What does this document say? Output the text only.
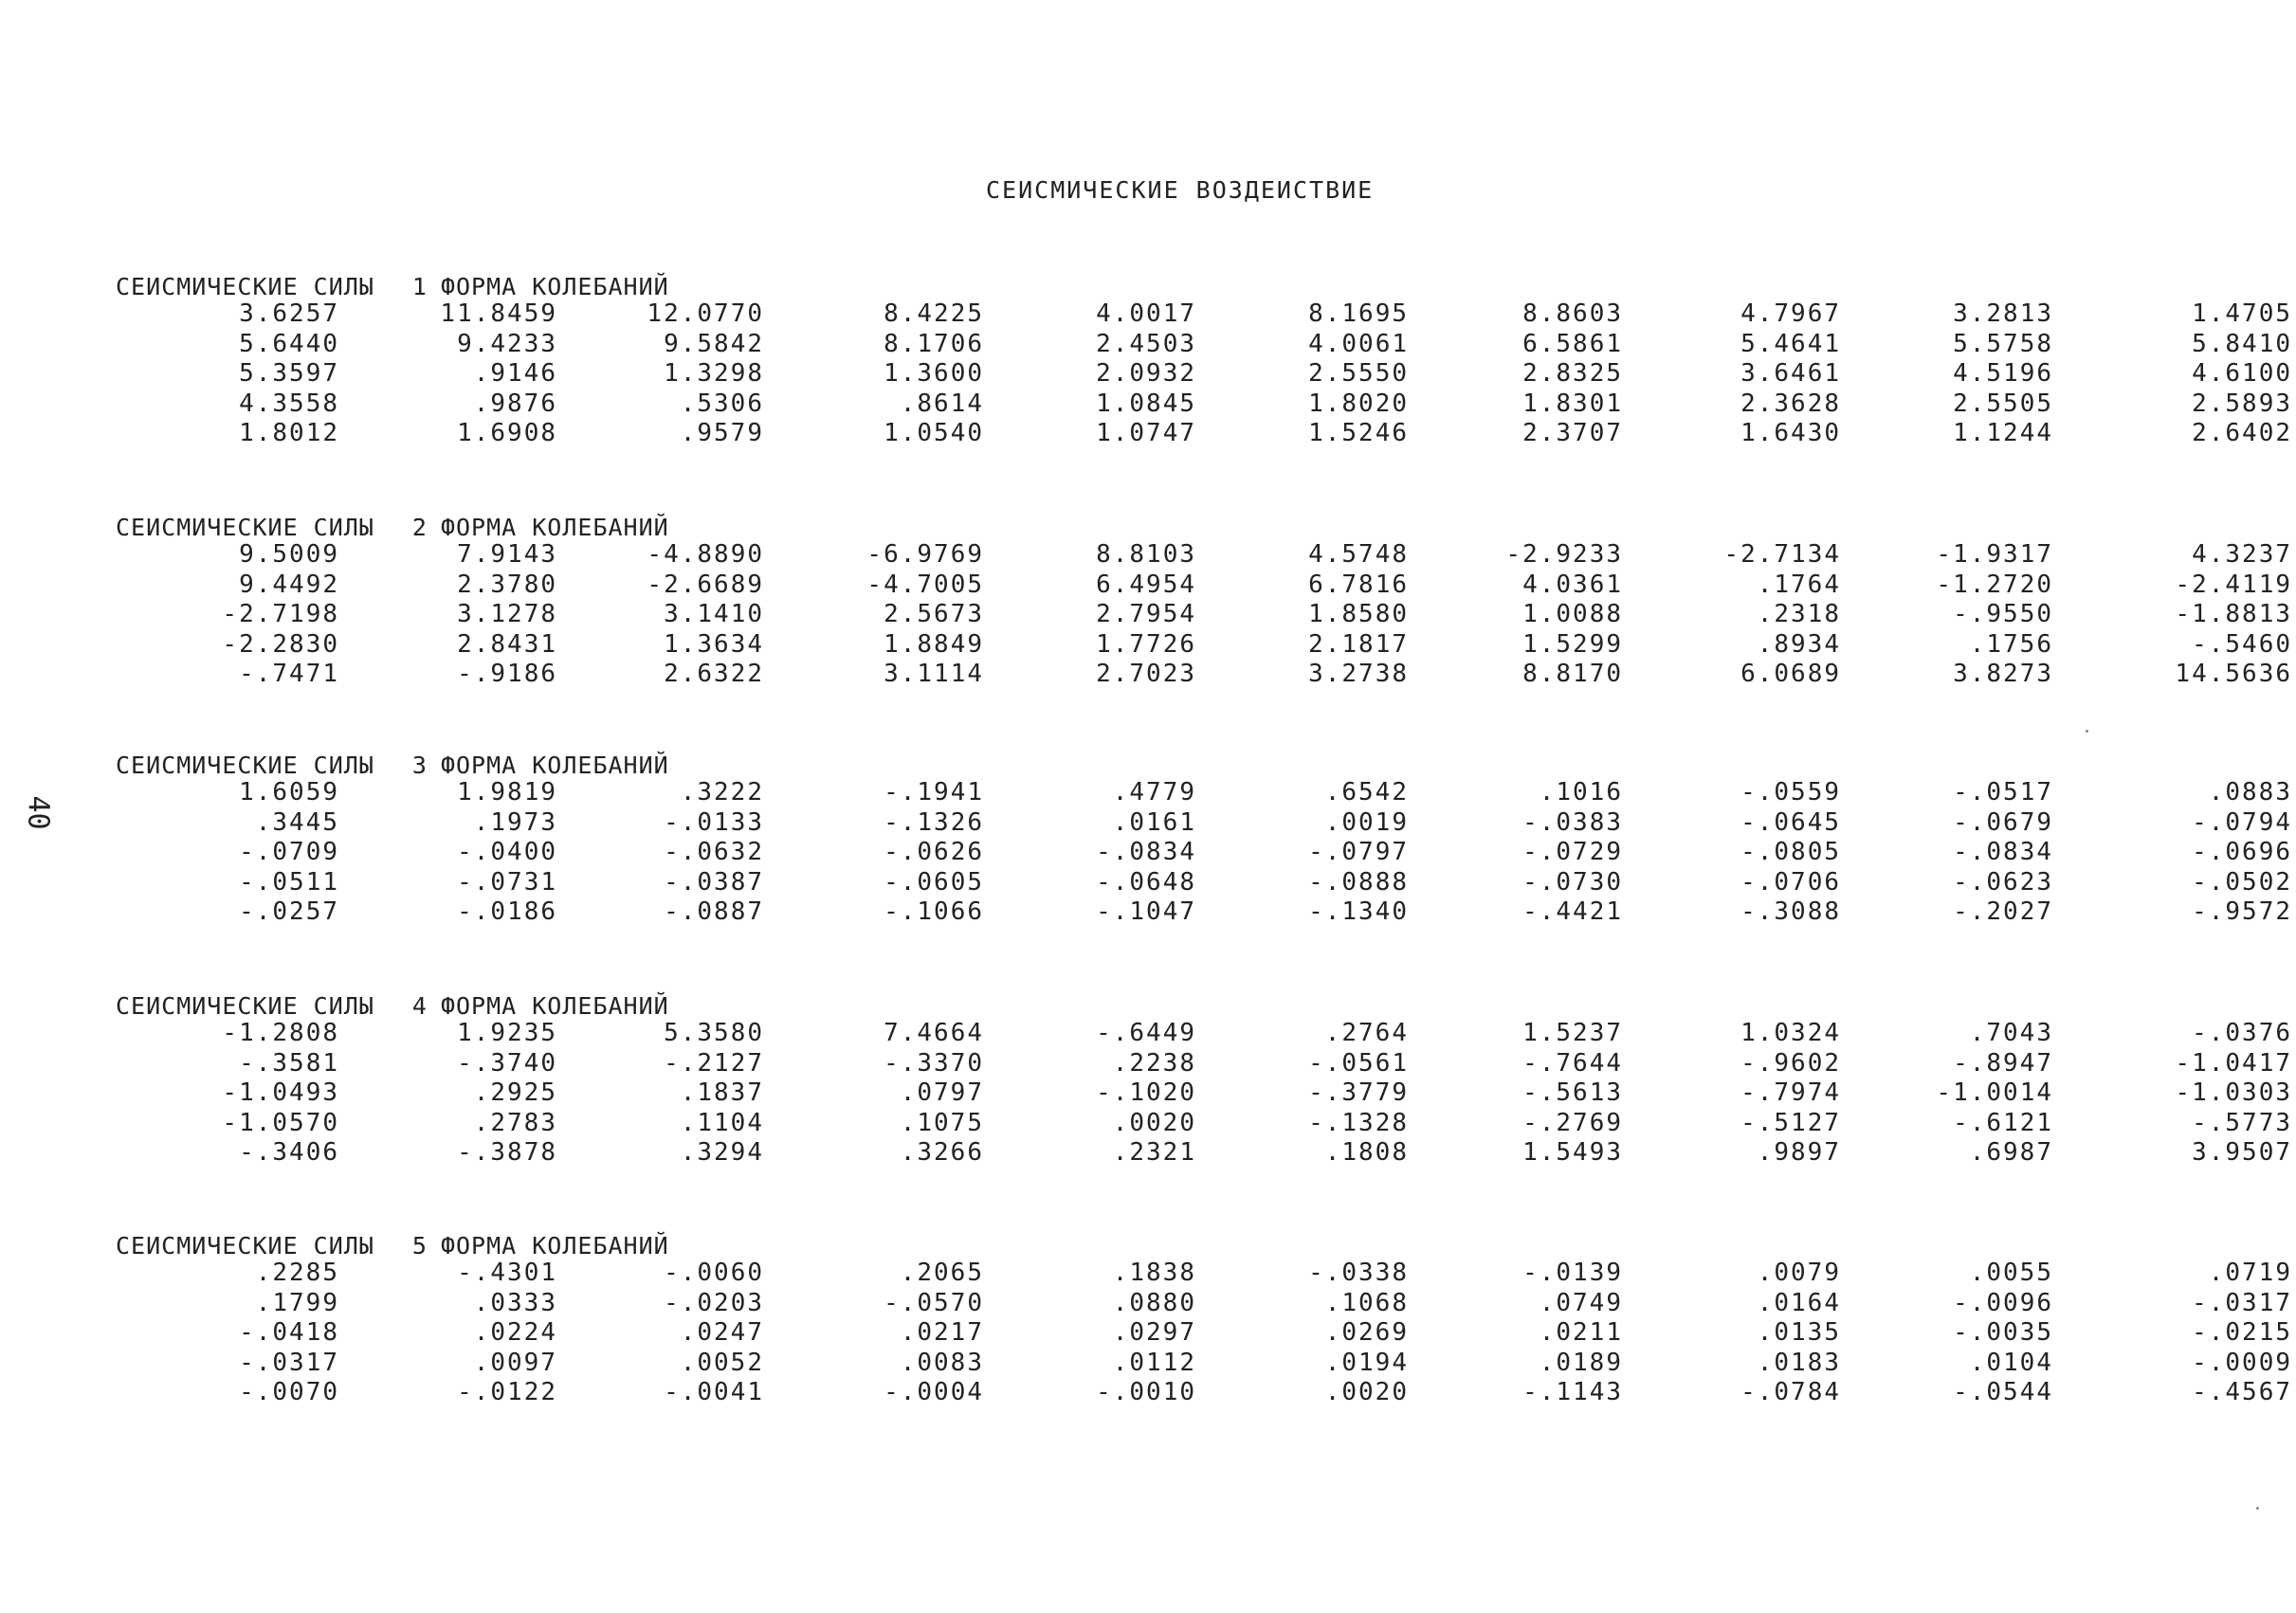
СЕИСМИЧЕСКИЕ ВОЗДЕИСТВИЕ
40
СЕИСМИЧЕСКИЕ СИЛЫ 1 ФОРМА КОЛЕБАНИЙ
3.6257	11.8459	12.0770	8.4225	4.0017	8.1695	8.8603	4.7967	3.2813	1.4705
5.6440	9.4233	9.5842	8.1706	2.4503	4.0061	6.5861	5.4641	5.5758	5.8410
5.3597	.9146	1.3298	1.3600	2.0932	2.5550	2.8325	3.6461	4.5196	4.6100
4.3558	.9876	.5306	.8614	1.0845	1.8020	1.8301	2.3628	2.5505	2.5893
1.8012	1.6908	.9579	1.0540	1.0747	1.5246	2.3707	1.6430	1.1244	2.6402
СЕИСМИЧЕСКИЕ СИЛЫ 2 ФОРМА КОЛЕБАНИЙ
9.5009	7.9143	-4.8890	-6.9769	8.8103	4.5748	-2.9233	-2.7134	-1.9317	4.3237
9.4492	2.3780	-2.6689	-4.7005	6.4954	6.7816	4.0361	.1764	-1.2720	-2.4119
-2.7198	3.1278	3.1410	2.5673	2.7954	1.8580	1.0088	.2318	-.9550	-1.8813
-2.2830	2.8431	1.3634	1.8849	1.7726	2.1817	1.5299	.8934	.1756	-.5460
-.7471	-.9186	2.6322	3.1114	2.7023	3.2738	8.8170	6.0689	3.8273	14.5636
СЕИСМИЧЕСКИЕ СИЛЫ 3 ФОРМА КОЛЕБАНИЙ
1.6059	1.9819	.3222	-.1941	.4779	.6542	.1016	-.0559	-.0517	.0883
.3445	.1973	-.0133	-.1326	.0161	.0019	-.0383	-.0645	-.0679	-.0794
-.0709	-.0400	-.0632	-.0626	-.0834	-.0797	-.0729	-.0805	-.0834	-.0696
-.0511	-.0731	-.0387	-.0605	-.0648	-.0888	-.0730	-.0706	-.0623	-.0502
-.0257	-.0186	-.0887	-.1066	-.1047	-.1340	-.4421	-.3088	-.2027	-.9572
СЕИСМИЧЕСКИЕ СИЛЫ 4 ФОРМА КОЛЕБАНИЙ
-1.2808	1.9235	5.3580	7.4664	-.6449	.2764	1.5237	1.0324	.7043	-.0376
-.3581	-.3740	-.2127	-.3370	.2238	-.0561	-.7644	-.9602	-.8947	-1.0417
-1.0493	.2925	.1837	.0797	-.1020	-.3779	-.5613	-.7974	-1.0014	-1.0303
-1.0570	.2783	.1104	.1075	.0020	-.1328	-.2769	-.5127	-.6121	-.5773
-.3406	-.3878	.3294	.3266	.2321	.1808	1.5493	.9897	.6987	3.9507
СЕИСМИЧЕСКИЕ СИЛЫ 5 ФОРМА КОЛЕБАНИЙ
.2285	-.4301	-.0060	.2065	.1838	-.0338	-.0139	.0079	.0055	.0719
.1799	.0333	-.0203	-.0570	.0880	.1068	.0749	.0164	-.0096	-.0317
-.0418	.0224	.0247	.0217	.0297	.0269	.0211	.0135	-.0035	-.0215
-.0317	.0097	.0052	.0083	.0112	.0194	.0189	.0183	.0104	-.0009
-.0070	-.0122	-.0041	-.0004	-.0010	.0020	-.1143	-.0784	-.0544	-.4567
